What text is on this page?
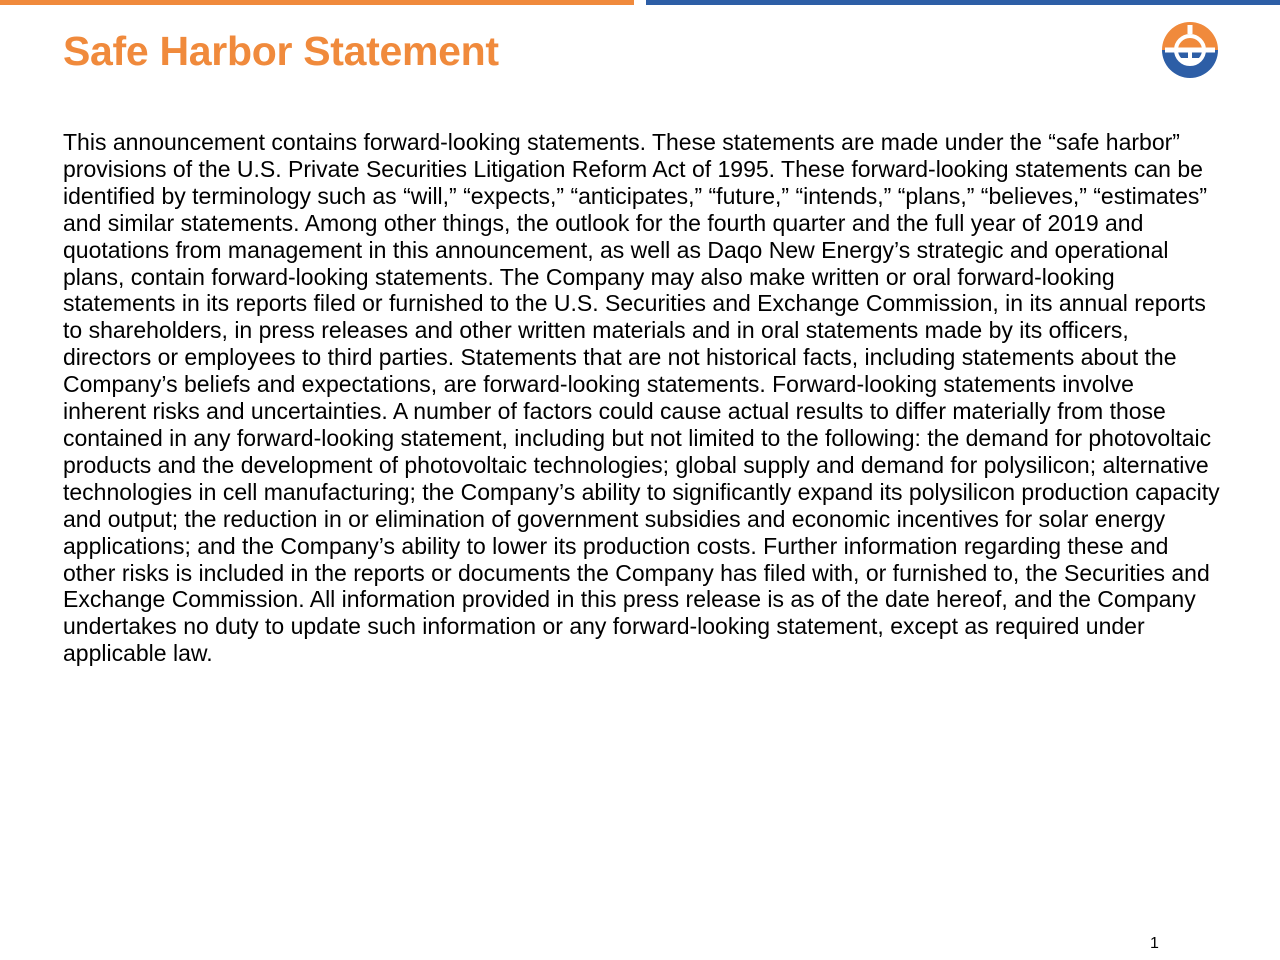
Safe Harbor Statement

This announcement contains forward-looking statements. These statements are made under the “safe harbor” provisions of the U.S. Private Securities Litigation Reform Act of 1995. These forward-looking statements can be identified by terminology such as “will,” “expects,” “anticipates,” “future,” “intends,” “plans,” “believes,” “estimates” and similar statements. Among other things, the outlook for the fourth quarter and the full year of 2019 and quotations from management in this announcement, as well as Daqo New Energy’s strategic and operational plans, contain forward-looking statements. The Company may also make written or oral forward-looking statements in its reports filed or furnished to the U.S. Securities and Exchange Commission, in its annual reports to shareholders, in press releases and other written materials and in oral statements made by its officers, directors or employees to third parties. Statements that are not historical facts, including statements about the Company’s beliefs and expectations, are forward-looking statements. Forward-looking statements involve inherent risks and uncertainties. A number of factors could cause actual results to differ materially from those contained in any forward-looking statement, including but not limited to the following: the demand for photovoltaic products and the development of photovoltaic technologies; global supply and demand for polysilicon; alternative technologies in cell manufacturing; the Company’s ability to significantly expand its polysilicon production capacity and output; the reduction in or elimination of government subsidies and economic incentives for solar energy applications; and the Company’s ability to lower its production costs. Further information regarding these and other risks is included in the reports or documents the Company has filed with, or furnished to, the Securities and Exchange Commission. All information provided in this press release is as of the date hereof, and the Company undertakes no duty to update such information or any forward-looking statement, except as required under applicable law.

1
